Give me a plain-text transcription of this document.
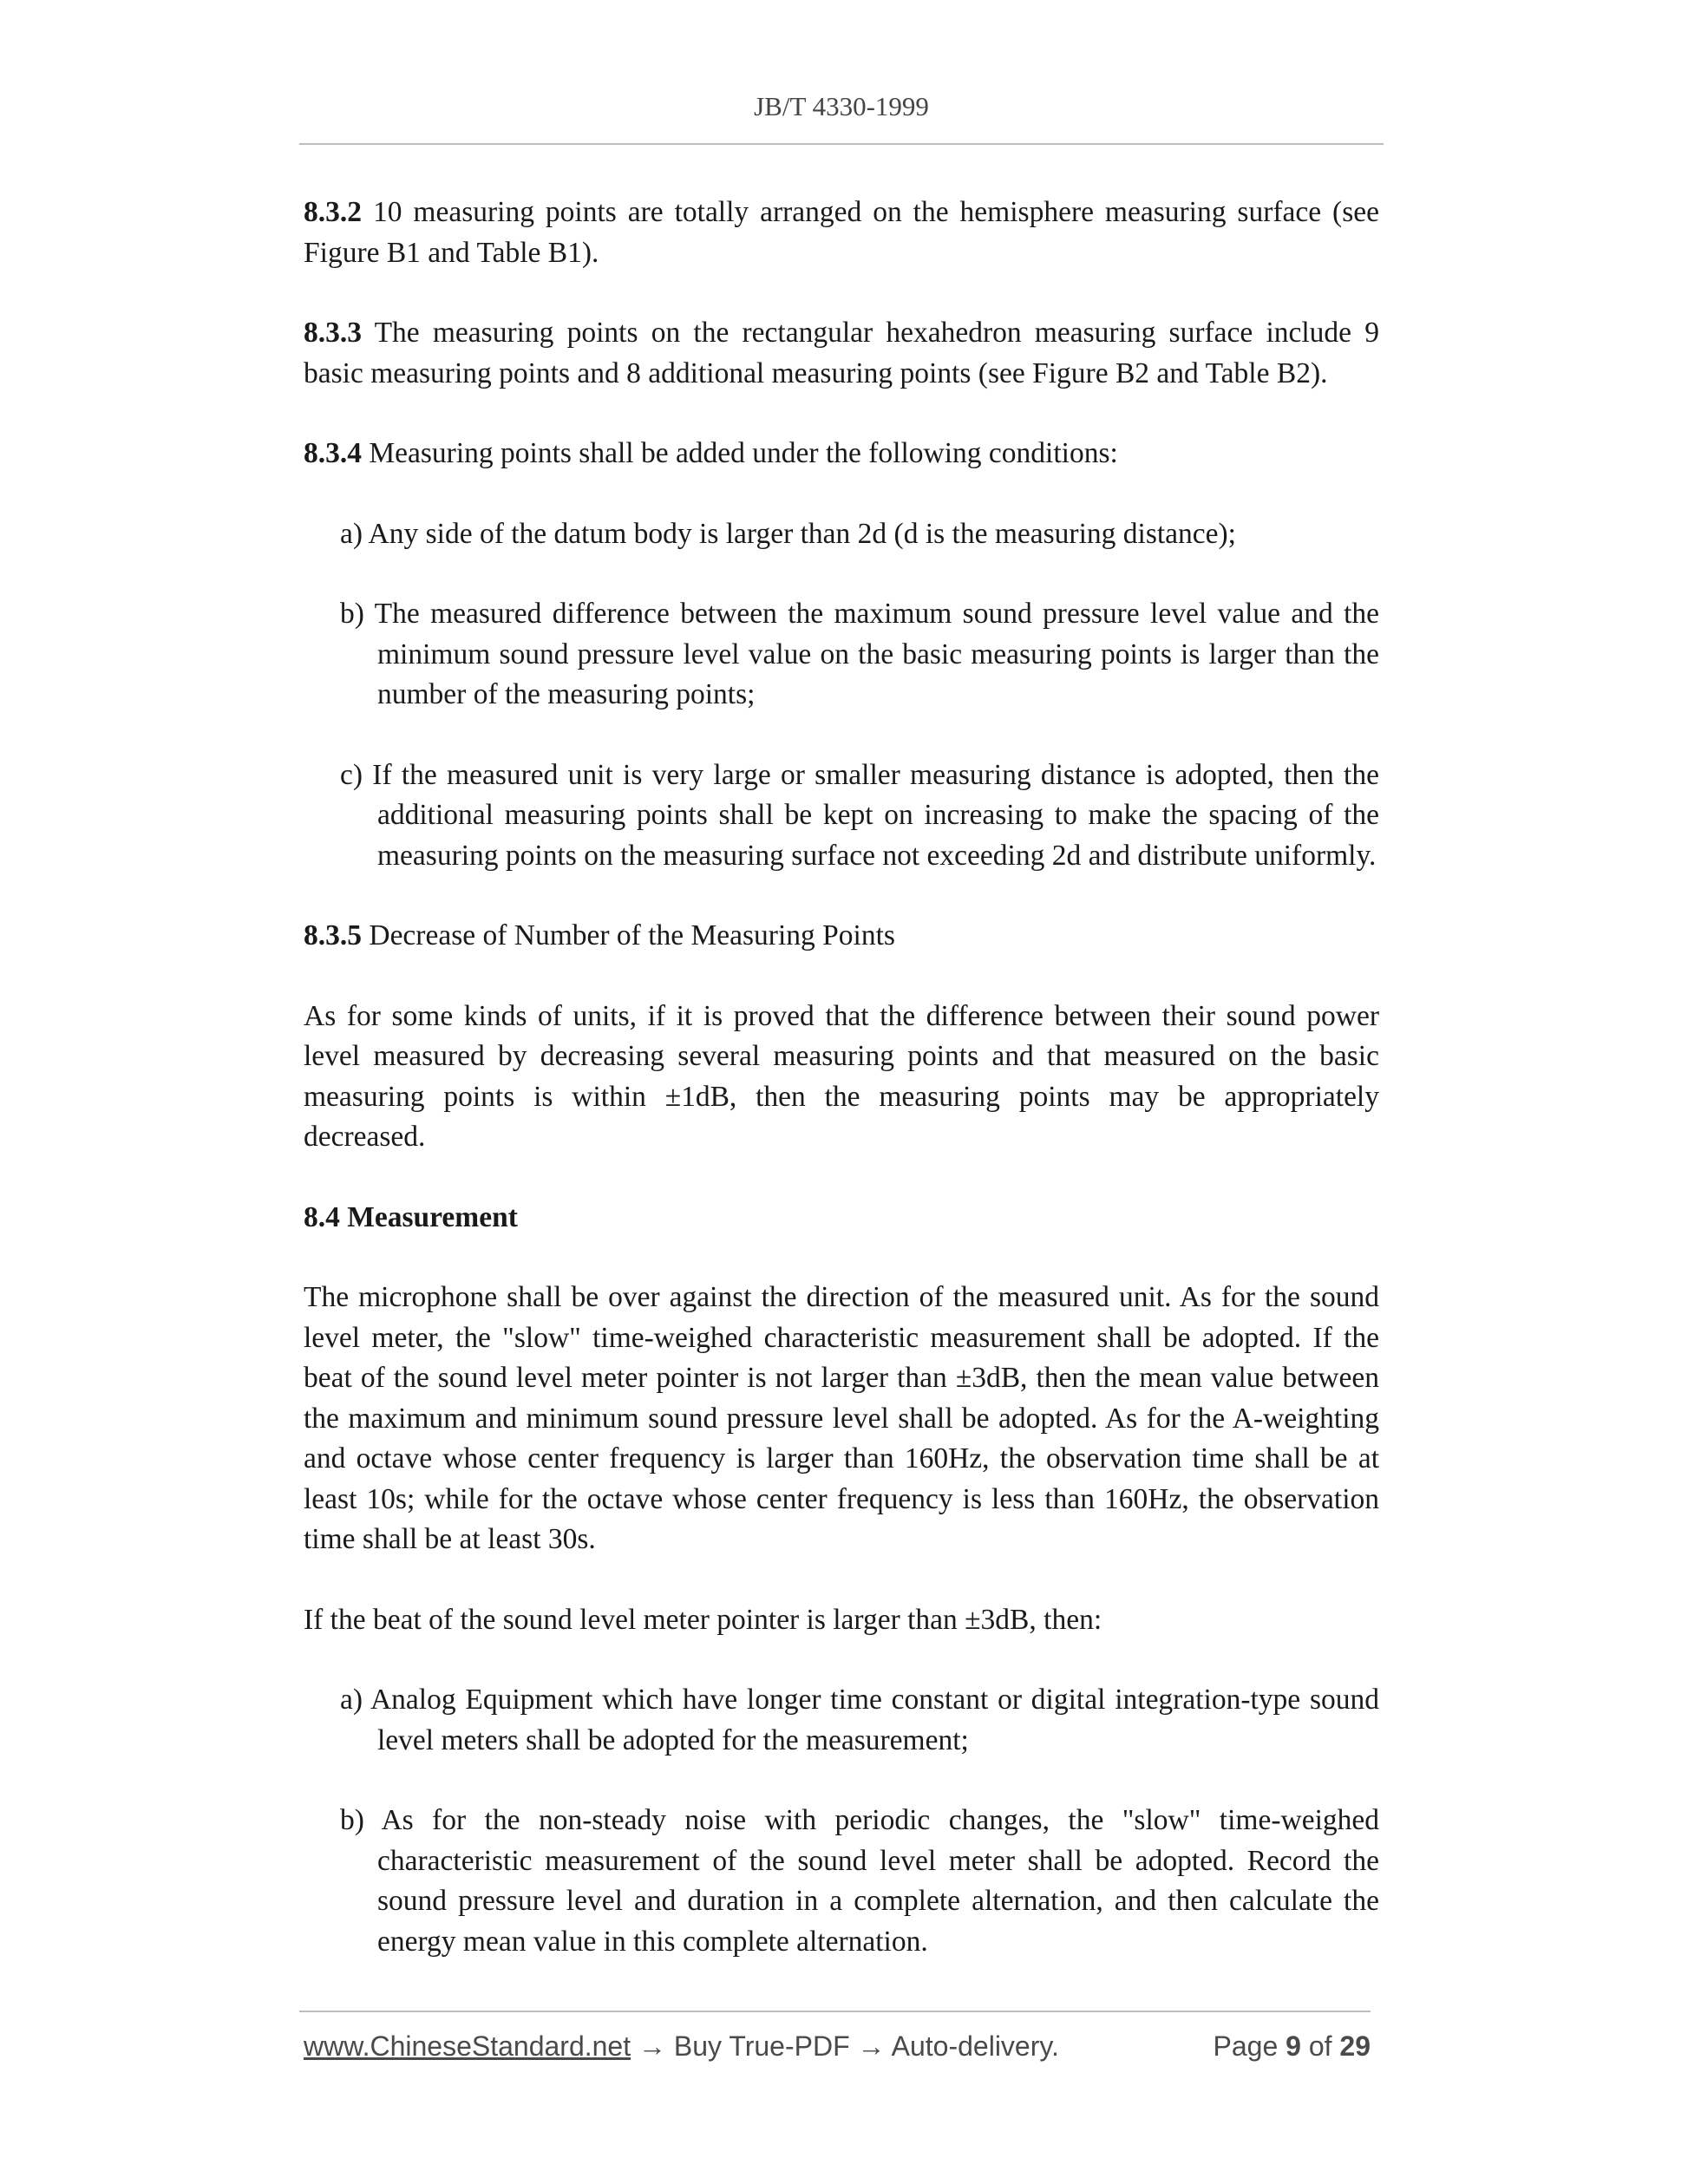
JB/T 4330-1999

8.3.2 10 measuring points are totally arranged on the hemisphere measuring surface (see Figure B1 and Table B1).

8.3.3 The measuring points on the rectangular hexahedron measuring surface include 9 basic measuring points and 8 additional measuring points (see Figure B2 and Table B2).

8.3.4 Measuring points shall be added under the following conditions:

a) Any side of the datum body is larger than 2d (d is the measuring distance);

b) The measured difference between the maximum sound pressure level value and the minimum sound pressure level value on the basic measuring points is larger than the number of the measuring points;

c) If the measured unit is very large or smaller measuring distance is adopted, then the additional measuring points shall be kept on increasing to make the spacing of the measuring points on the measuring surface not exceeding 2d and distribute uniformly.

8.3.5 Decrease of Number of the Measuring Points

As for some kinds of units, if it is proved that the difference between their sound power level measured by decreasing several measuring points and that measured on the basic measuring points is within ±1dB, then the measuring points may be appropriately decreased.

8.4 Measurement

The microphone shall be over against the direction of the measured unit. As for the sound level meter, the "slow" time-weighed characteristic measurement shall be adopted. If the beat of the sound level meter pointer is not larger than ±3dB, then the mean value between the maximum and minimum sound pressure level shall be adopted. As for the A-weighting and octave whose center frequency is larger than 160Hz, the observation time shall be at least 10s; while for the octave whose center frequency is less than 160Hz, the observation time shall be at least 30s.

If the beat of the sound level meter pointer is larger than ±3dB, then:

a) Analog Equipment which have longer time constant or digital integration-type sound level meters shall be adopted for the measurement;

b) As for the non-steady noise with periodic changes, the "slow" time-weighed characteristic measurement of the sound level meter shall be adopted. Record the sound pressure level and duration in a complete alternation, and then calculate the energy mean value in this complete alternation.

www.ChineseStandard.net → Buy True-PDF → Auto-delivery.	Page 9 of 29
